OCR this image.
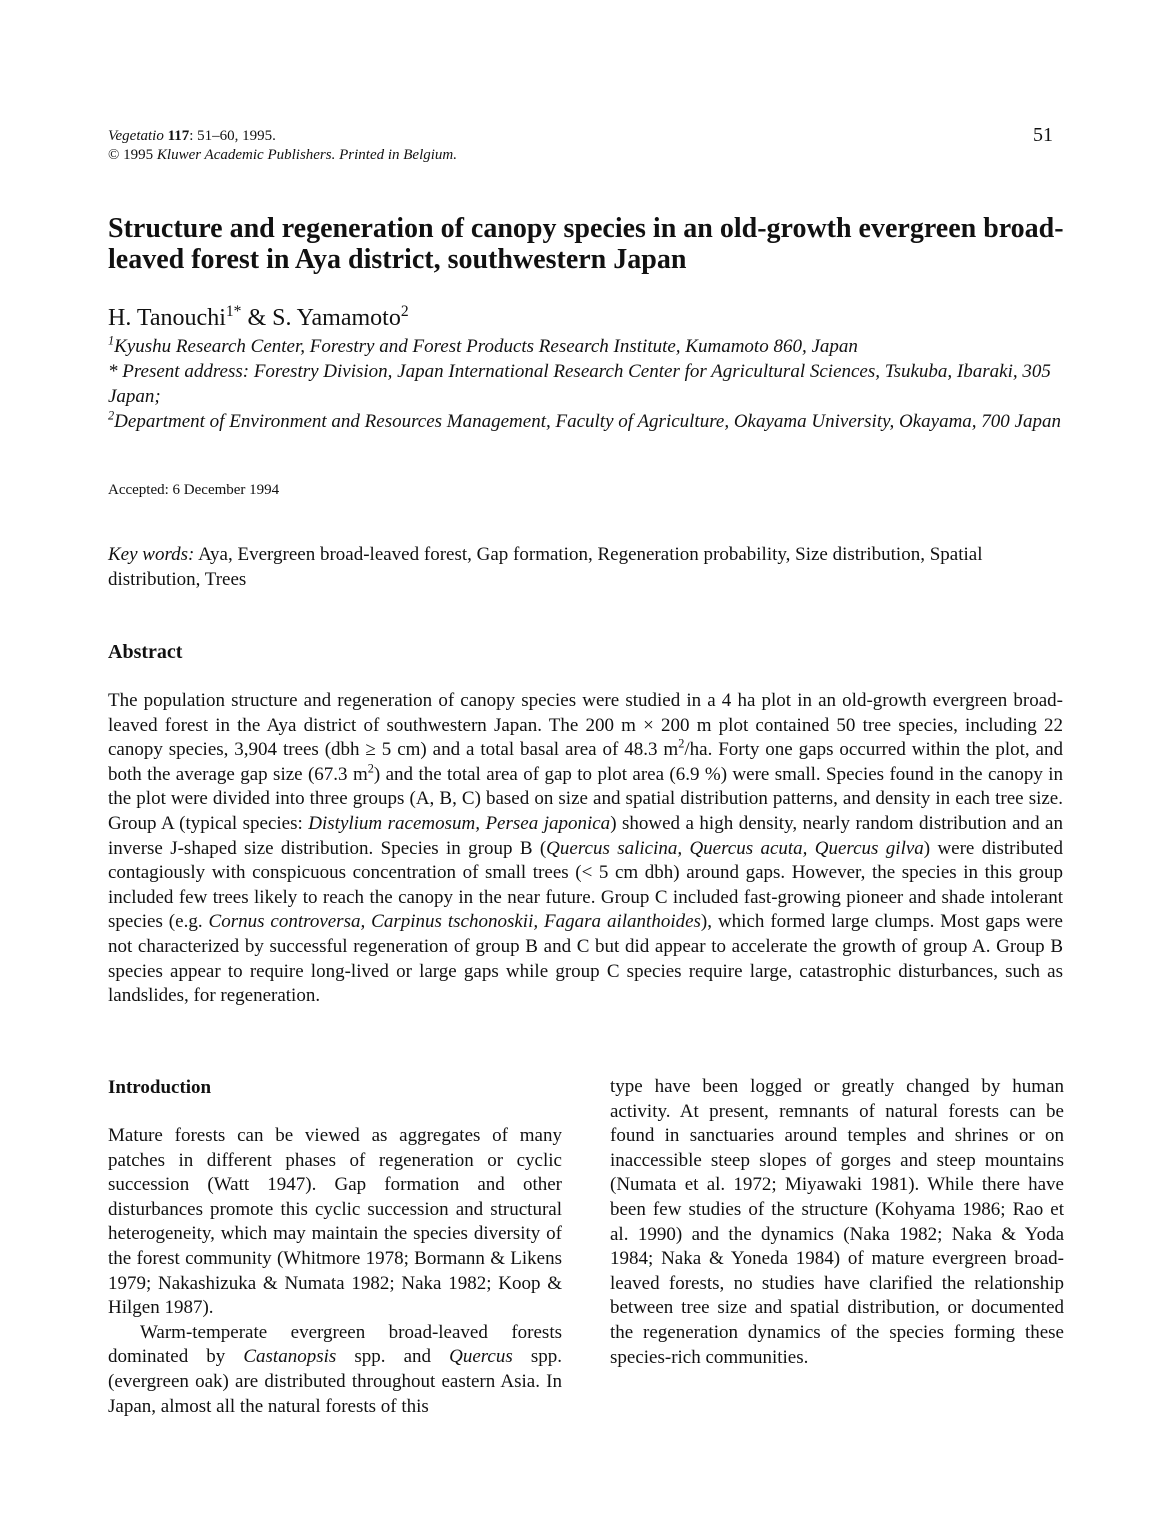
Vegetatio 117: 51–60, 1995.
© 1995 Kluwer Academic Publishers. Printed in Belgium.
51
Structure and regeneration of canopy species in an old-growth evergreen broad-leaved forest in Aya district, southwestern Japan
H. Tanouchi$^{1*}$ & S. Yamamoto$^2$
$^1$Kyushu Research Center, Forestry and Forest Products Research Institute, Kumamoto 860, Japan
* Present address: Forestry Division, Japan International Research Center for Agricultural Sciences, Tsukuba, Ibaraki, 305 Japan;
$^2$Department of Environment and Resources Management, Faculty of Agriculture, Okayama University, Okayama, 700 Japan
Accepted: 6 December 1994
Key words: Aya, Evergreen broad-leaved forest, Gap formation, Regeneration probability, Size distribution, Spatial distribution, Trees
Abstract

The population structure and regeneration of canopy species were studied in a 4 ha plot in an old-growth evergreen broad-leaved forest in the Aya district of southwestern Japan. The 200 m × 200 m plot contained 50 tree species, including 22 canopy species, 3,904 trees (dbh ≥ 5 cm) and a total basal area of 48.3 $m^2/ha$. Forty one gaps occurred within the plot, and both the average gap size (67.3 $m^2$) and the total area of gap to plot area (6.9 %) were small. Species found in the canopy in the plot were divided into three groups (A, B, C) based on size and spatial distribution patterns, and density in each tree size. Group A (typical species: Distylium racemosum, Persea japonica) showed a high density, nearly random distribution and an inverse J-shaped size distribution. Species in group B (Quercus salicina, Quercus acuta, Quercus gilva) were distributed contagiously with conspicuous concentration of small trees (< 5 cm dbh) around gaps. However, the species in this group included few trees likely to reach the canopy in the near future. Group C included fast-growing pioneer and shade intolerant species (e.g. Cornus controversa, Carpinus tschonoskii, Fagara ailanthoides), which formed large clumps. Most gaps were not characterized by successful regeneration of group B and C but did appear to accelerate the growth of group A. Group B species appear to require long-lived or large gaps while group C species require large, catastrophic disturbances, such as landslides, for regeneration.

Introduction

Mature forests can be viewed as aggregates of many patches in different phases of regeneration or cyclic succession (Watt 1947). Gap formation and other disturbances promote this cyclic succession and structural heterogeneity, which may maintain the species diversity of the forest community (Whitmore 1978; Bormann & Likens 1979; Nakashizuka & Numata 1982; Naka 1982; Koop & Hilgen 1987).

Warm-temperate evergreen broad-leaved forests dominated by Castanopsis spp. and Quercus spp. (evergreen oak) are distributed throughout eastern Asia. In Japan, almost all the natural forests of this

type have been logged or greatly changed by human activity. At present, remnants of natural forests can be found in sanctuaries around temples and shrines or on inaccessible steep slopes of gorges and steep mountains (Numata et al. 1972; Miyawaki 1981). While there have been few studies of the structure (Kohyama 1986; Rao et al. 1990) and the dynamics (Naka 1982; Naka & Yoda 1984; Naka & Yoneda 1984) of mature evergreen broad-leaved forests, no studies have clarified the relationship between tree size and spatial distribution, or documented the regeneration dynamics of the species forming these species-rich communities.
